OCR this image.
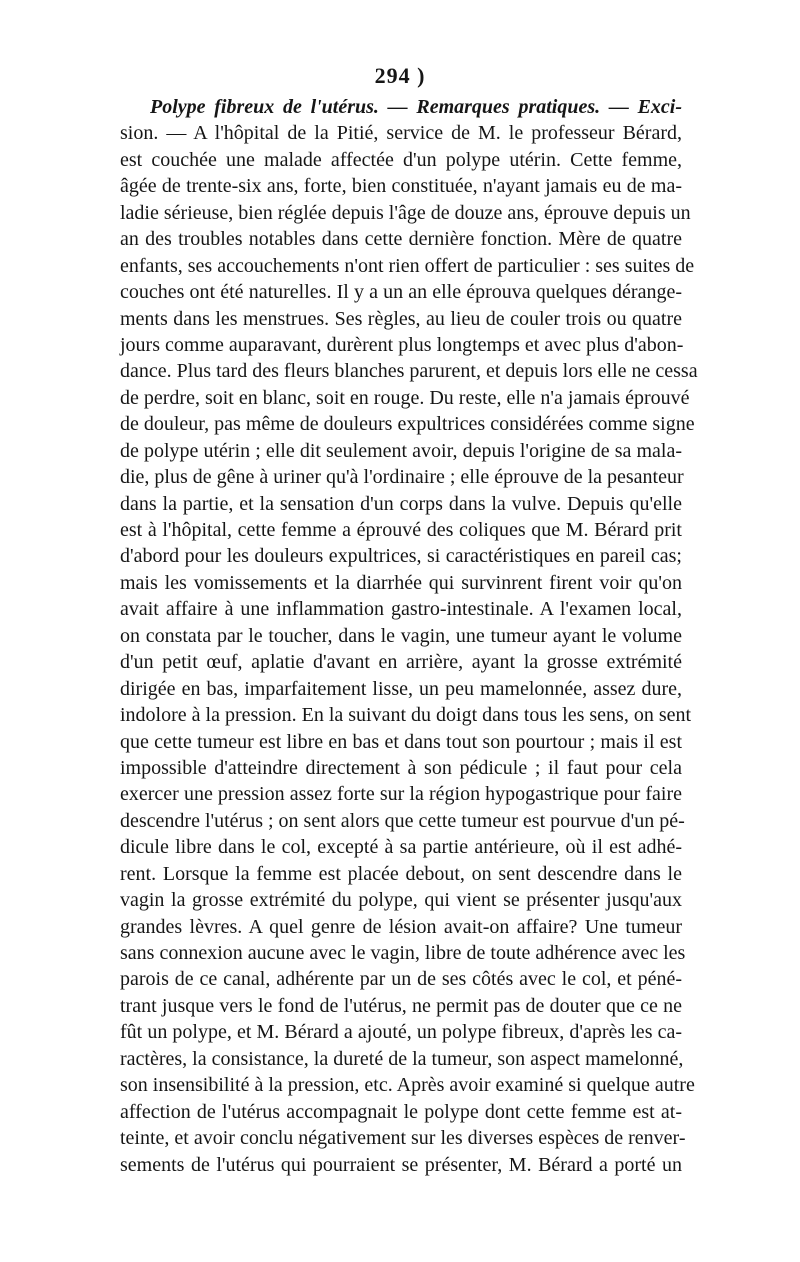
294 )
Polype fibreux de l'utérus. — Remarques pratiques. — Exci-
sion. — A l'hôpital de la Pitié, service de M. le professeur Bérard,
est couchée une malade affectée d'un polype utérin. Cette femme,
âgée de trente-six ans, forte, bien constituée, n'ayant jamais eu de ma-
ladie sérieuse, bien réglée depuis l'âge de douze ans, éprouve depuis un
an des troubles notables dans cette dernière fonction. Mère de quatre
enfants, ses accouchements n'ont rien offert de particulier : ses suites de
couches ont été naturelles. Il y a un an elle éprouva quelques dérange-
ments dans les menstrues. Ses règles, au lieu de couler trois ou quatre
jours comme auparavant, durèrent plus longtemps et avec plus d'abon-
dance. Plus tard des fleurs blanches parurent, et depuis lors elle ne cessa
de perdre, soit en blanc, soit en rouge. Du reste, elle n'a jamais éprouvé
de douleur, pas même de douleurs expultrices considérées comme signe
de polype utérin ; elle dit seulement avoir, depuis l'origine de sa mala-
die, plus de gêne à uriner qu'à l'ordinaire ; elle éprouve de la pesanteur
dans la partie, et la sensation d'un corps dans la vulve. Depuis qu'elle
est à l'hôpital, cette femme a éprouvé des coliques que M. Bérard prit
d'abord pour les douleurs expultrices, si caractéristiques en pareil cas;
mais les vomissements et la diarrhée qui survinrent firent voir qu'on
avait affaire à une inflammation gastro-intestinale. A l'examen local,
on constata par le toucher, dans le vagin, une tumeur ayant le volume
d'un petit œuf, aplatie d'avant en arrière, ayant la grosse extrémité
dirigée en bas, imparfaitement lisse, un peu mamelonnée, assez dure,
indolore à la pression. En la suivant du doigt dans tous les sens, on sent
que cette tumeur est libre en bas et dans tout son pourtour ; mais il est
impossible d'atteindre directement à son pédicule ; il faut pour cela
exercer une pression assez forte sur la région hypogastrique pour faire
descendre l'utérus ; on sent alors que cette tumeur est pourvue d'un pé-
dicule libre dans le col, excepté à sa partie antérieure, où il est adhé-
rent. Lorsque la femme est placée debout, on sent descendre dans le
vagin la grosse extrémité du polype, qui vient se présenter jusqu'aux
grandes lèvres. A quel genre de lésion avait-on affaire? Une tumeur
sans connexion aucune avec le vagin, libre de toute adhérence avec les
parois de ce canal, adhérente par un de ses côtés avec le col, et péné-
trant jusque vers le fond de l'utérus, ne permit pas de douter que ce ne
fût un polype, et M. Bérard a ajouté, un polype fibreux, d'après les ca-
ractères, la consistance, la dureté de la tumeur, son aspect mamelonné,
son insensibilité à la pression, etc. Après avoir examiné si quelque autre
affection de l'utérus accompagnait le polype dont cette femme est at-
teinte, et avoir conclu négativement sur les diverses espèces de renver-
sements de l'utérus qui pourraient se présenter, M. Bérard a porté un
